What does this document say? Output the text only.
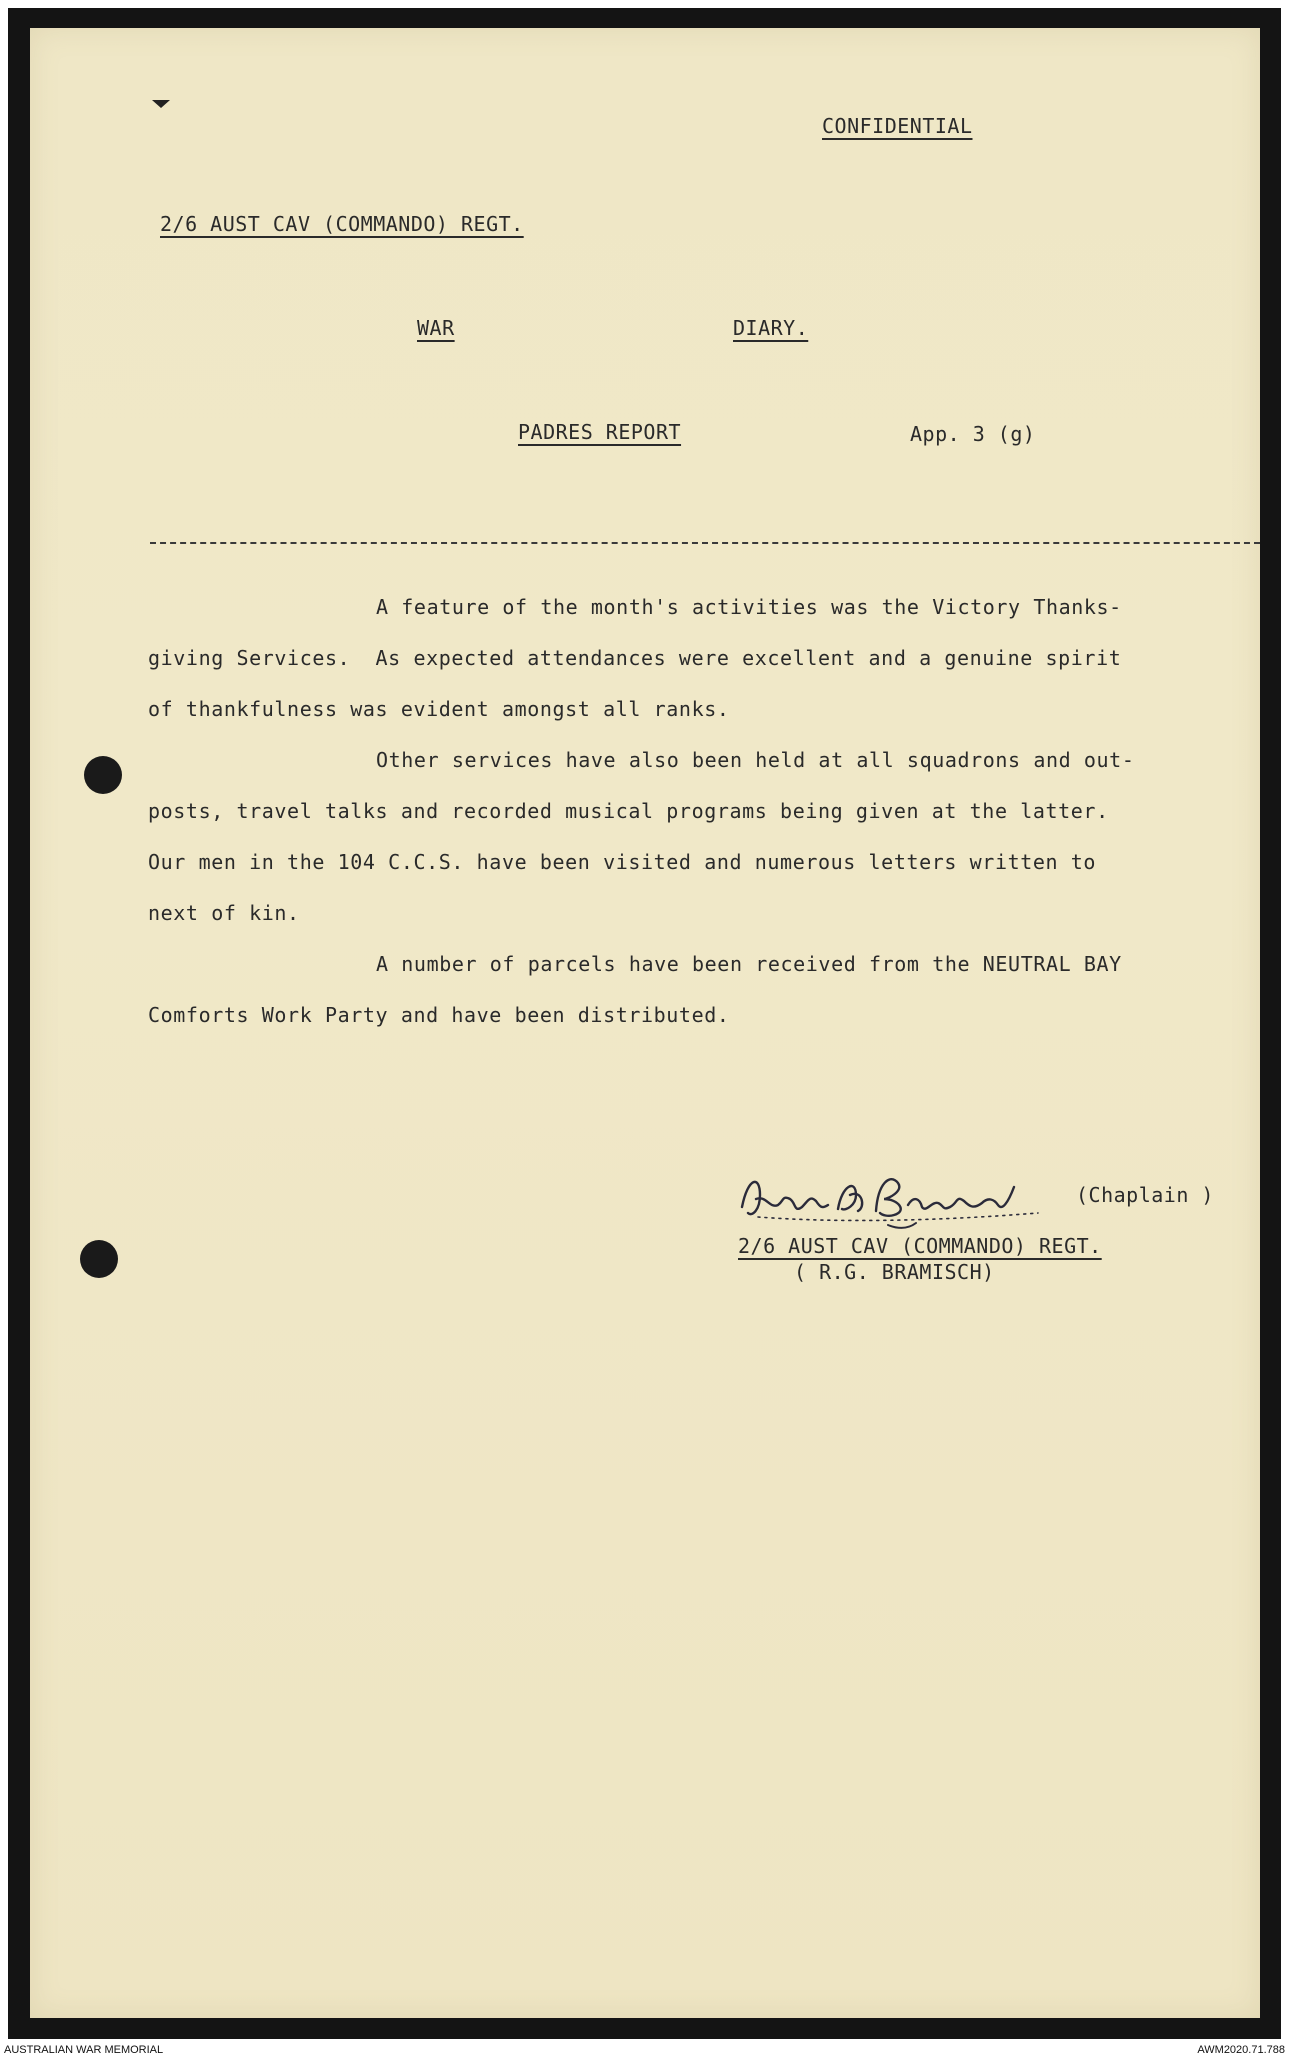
CONFIDENTIAL
2/6 AUST CAV (COMMANDO) REGT.
WAR	DIARY.
PADRES REPORT	App. 3 (g)
A feature of the month's activities was the Victory Thanks-
giving Services.  As expected attendances were excellent and a genuine spirit
of thankfulness was evident amongst all ranks.
Other services have also been held at all squadrons and out-
posts, travel talks and recorded musical programs being given at the latter.
Our men in the 104 C.C.S. have been visited and numerous letters written to
next of kin.
A number of parcels have been received from the NEUTRAL BAY
Comforts Work Party and have been distributed.
(Chaplain )
2/6 AUST CAV (COMMANDO) REGT.
( R.G. BRAMISCH)
AUSTRALIAN WAR MEMORIAL	AWM2020.71.788
